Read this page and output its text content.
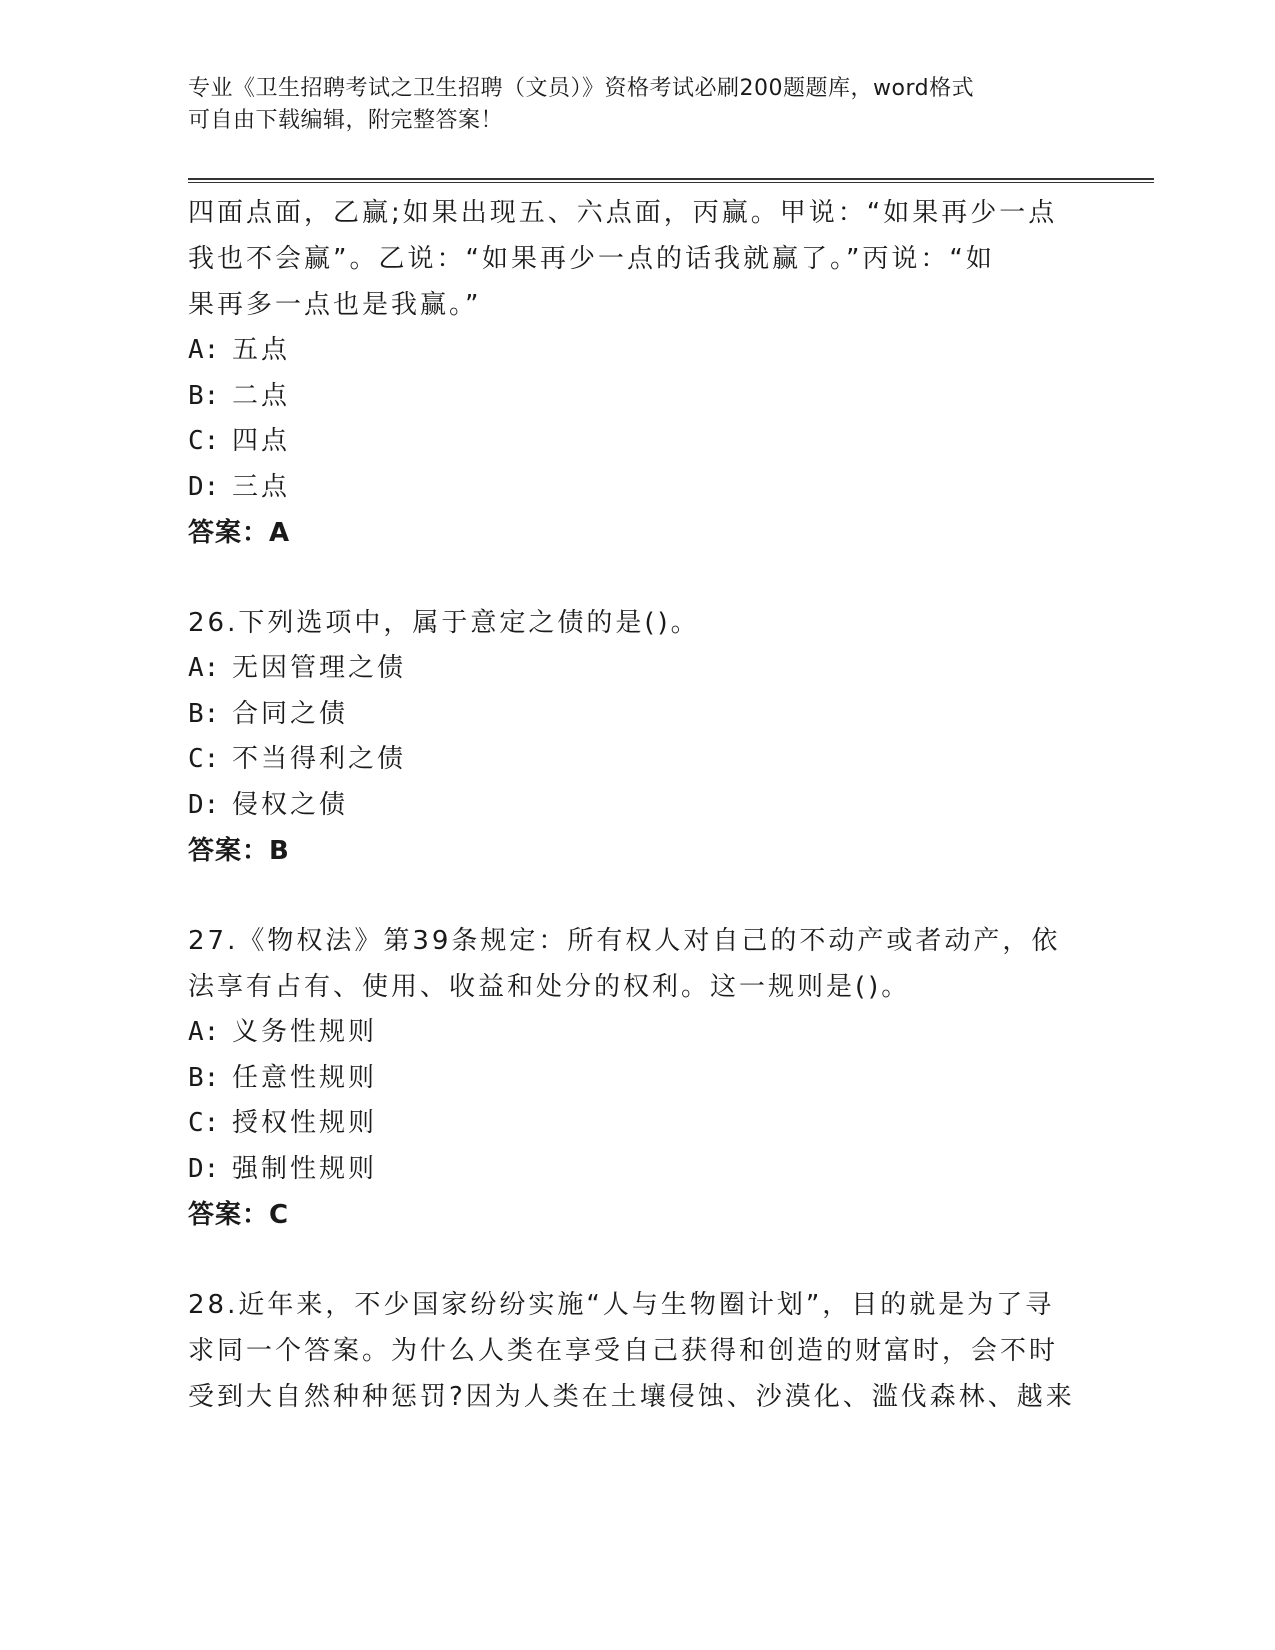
专业《卫生招聘考试之卫生招聘（文员）》资格考试必刷200题题库，word格式
可自由下载编辑，附完整答案！
四面点面，乙赢;如果出现五、六点面，丙赢。甲说：“如果再少一点
我也不会赢”。乙说：“如果再少一点的话我就赢了。”丙说：“如
果再多一点也是我赢。”
A: 五点
B: 二点
C: 四点
D: 三点
答案：A
26.下列选项中，属于意定之债的是()。
A: 无因管理之债
B: 合同之债
C: 不当得利之债
D: 侵权之债
答案：B
27.《物权法》第39条规定：所有权人对自己的不动产或者动产，依
法享有占有、使用、收益和处分的权利。这一规则是()。
A: 义务性规则
B: 任意性规则
C: 授权性规则
D: 强制性规则
答案：C
28.近年来，不少国家纷纷实施“人与生物圈计划”，目的就是为了寻
求同一个答案。为什么人类在享受自己获得和创造的财富时，会不时
受到大自然种种惩罚?因为人类在土壤侵蚀、沙漠化、滥伐森林、越来
